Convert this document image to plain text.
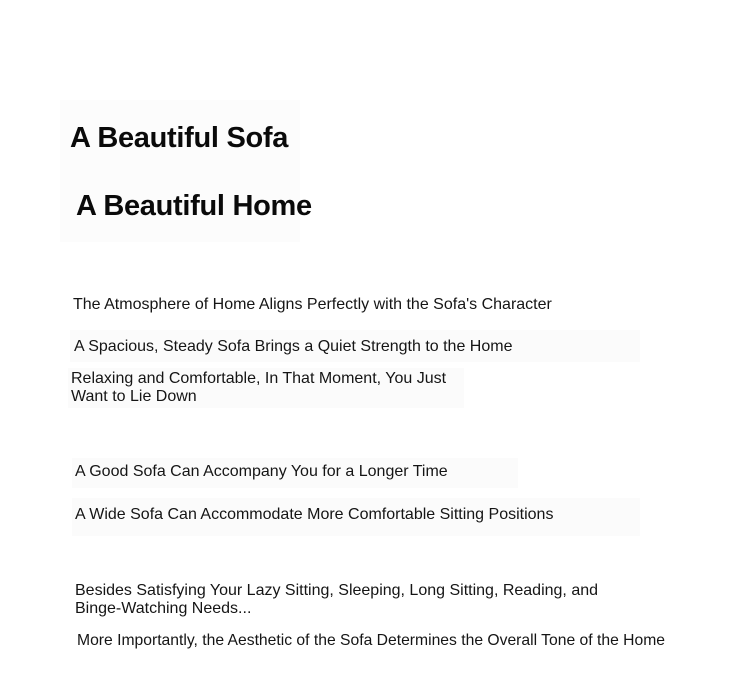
A Beautiful Sofa
A Beautiful Home
The Atmosphere of Home Aligns Perfectly with the Sofa's Character
A Spacious, Steady Sofa Brings a Quiet Strength to the Home
Relaxing and Comfortable, In That Moment, You Just
Want to Lie Down
A Good Sofa Can Accompany You for a Longer Time
A Wide Sofa Can Accommodate More Comfortable Sitting Positions
Besides Satisfying Your Lazy Sitting, Sleeping, Long Sitting, Reading, and
Binge-Watching Needs...
More Importantly, the Aesthetic of the Sofa Determines the Overall Tone of the Home
